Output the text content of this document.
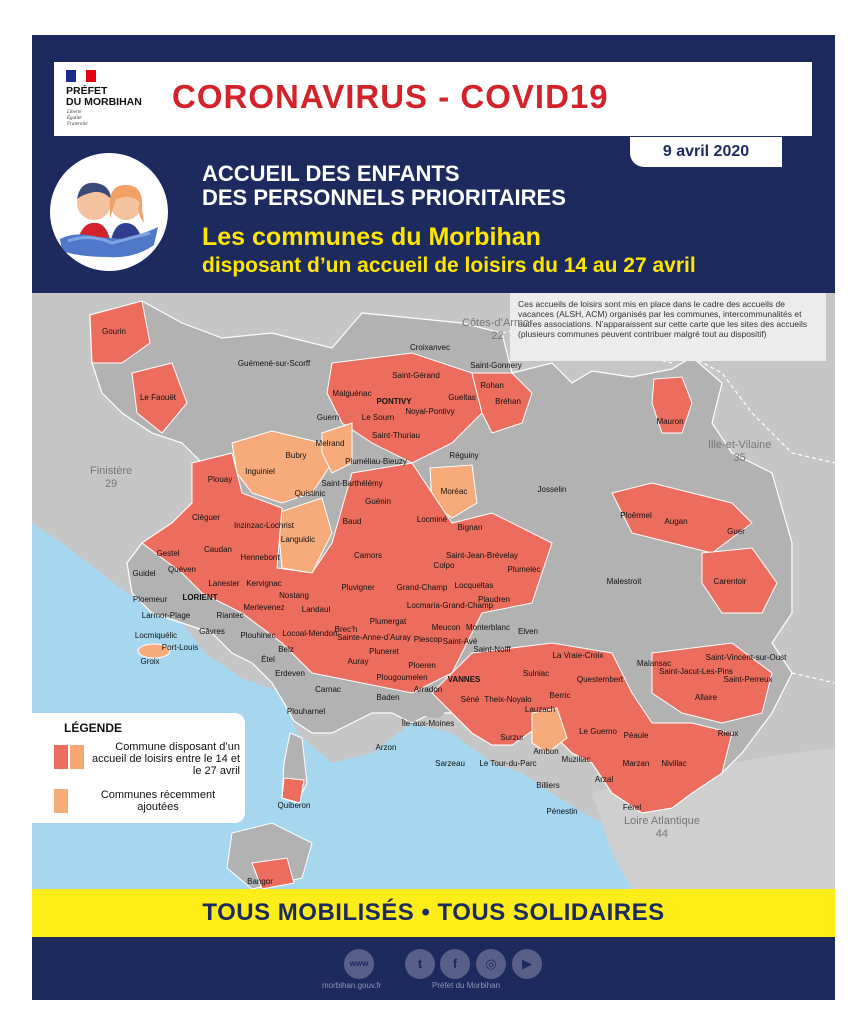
PRÉFET
DU MORBIHAN
Liberté
Égalité
Fraternité
CORONAVIRUS - COVID19
9 avril 2020
ACCUEIL DES ENFANTS
DES PERSONNELS PRIORITAIRES
Les communes du Morbihan
disposant d’un accueil de loisirs du 14 au 27 avril
Ces accueils de loisirs sont mis en place dans le cadre des accueils de vacances (ALSH, ACM) organisés par les communes, intercommunalités et autres associations. N’apparaissent sur cette carte que les sites des accueils (plusieurs communes peuvent contribuer malgré tout au dispositif)
Finistère
29
Côtes-d’Armor
22
Ille-et-Vilaine
35
Loire Atlantique
44
Gourin
Le Faouët
Guémené-sur-Scorff
Croixanvec
Saint-Gonnery
Saint-Gérand
Rohan
Bréhan
Malguénac
PONTIVY
Guern	Le Sourn
Noyal-Pontivy
Gueltas
Saint-Thuriau
Mauron
Melrand
Bubry
Inguiniel
Pluméliau-Bieuzy
Réguiny
Plouay
Quistinic
Saint-Barthélémy
Guénin
Moréac	Josselin
Cléguer
Inzinzac-Lochrist	Baud	Locminé
Bignan
Ploërmel
Augan
Guer
Gestel	Caudan
Hennebont
Languidic
Camors	Saint-Jean-Brévelay
Colpo
Guidel Quéven
Lanester Kervignac	Pluvigner	Grand-Champ Locqueltas
Plumelec
Malestroit	Carentoir
Ploemeur LORIENT	Nostang	Plaudren
Locmaria-Grand-Champ
Larmor-Plage
Merlevenez Landaul
Riantec
Gâvres
Locmiquélic
Port-Louis
Locoal-Mendon
Plumergat
Brec’h
Sainte-Anne-d’Auray
Meucon Monterblanc Elven
Saint-Avé
Saint-Nolff
Ploeren
Pluneret
Plescop
Plouhinec
Belz
Étel	La Vraie-Croix
Auray	Malansac
Saint-Vincent-sur-Oust
Saint-Jacut-Les-Pins
Saint-Perreux
Groix
Erdeven	Plougoumelen	VANNES
Sulniac
Questembert
Carnac	Arradon
Baden	Allaire
Séné Theix-Noyalo Berric
Lauzach
Plouharnel
Île-aux-Moines
Surzur
Le Guerno Péaule	Rieux
Arzon	Ambon
Muzillac
Sarzeau Le Tour-du-Parc	Marzan Nivillac
Billiers
Arzal
Quiberon
Pénestin	Férel
Bangor
LÉGENDE
Commune disposant d’un accueil de loisirs entre le 14 et le 27 avril
Communes récemment ajoutées
TOUS MOBILISÉS • TOUS SOLIDAIRES
www	t	f	◎	▶
morbihan.gouv.fr	Préfet du Morbihan
